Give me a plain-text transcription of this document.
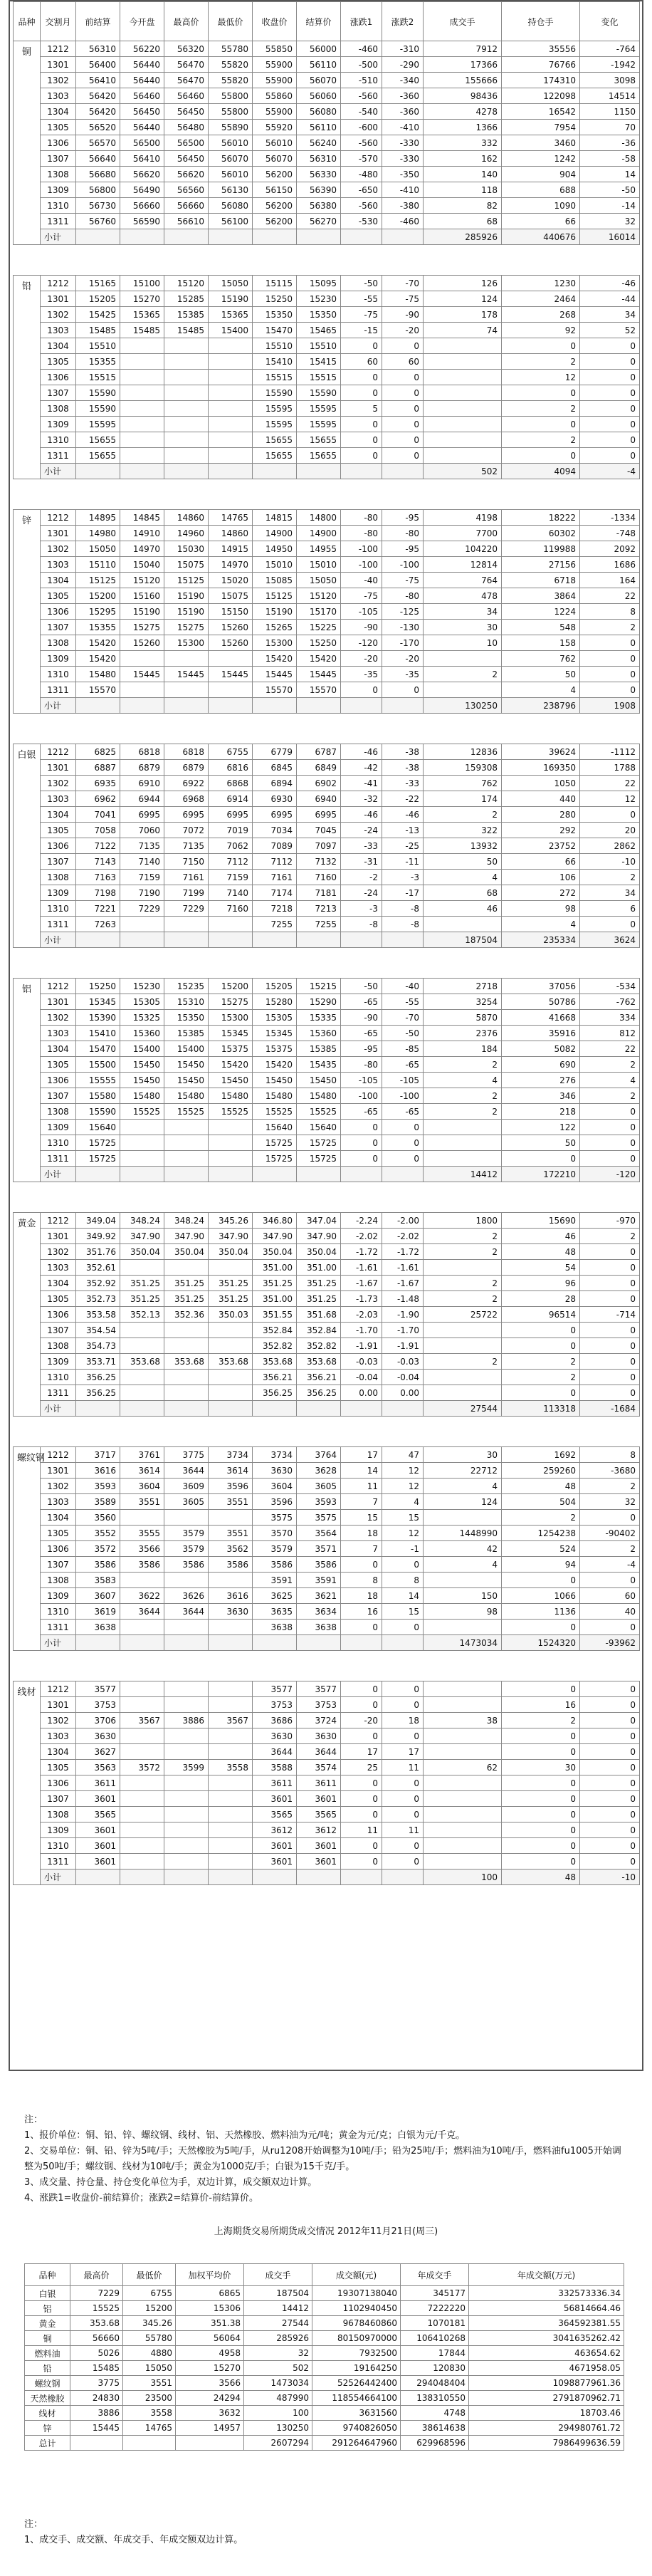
品种	交割月	前结算	今开盘	最高价	最低价	收盘价	结算价	涨跌1	涨跌2	成交手	持仓手	变化
铜	1212	56310	56220	56320	55780	55850	56000	-460	-310	7912	35556	-764
	1301	56400	56440	56470	55820	55900	56110	-500	-290	17366	76766	-1942
	1302	56410	56440	56470	55820	55900	56070	-510	-340	155666	174310	3098
	1303	56420	56460	56460	55800	55860	56060	-560	-360	98436	122098	14514
	1304	56420	56450	56450	55800	55900	56080	-540	-360	4278	16542	1150
	1305	56520	56440	56480	55890	55920	56110	-600	-410	1366	7954	70
	1306	56570	56500	56500	56010	56010	56240	-560	-330	332	3460	-36
	1307	56640	56410	56450	56070	56070	56310	-570	-330	162	1242	-58
	1308	56680	56620	56620	56010	56200	56330	-480	-350	140	904	14
	1309	56800	56490	56560	56130	56150	56390	-650	-410	118	688	-50
	1310	56730	56660	56660	56080	56200	56380	-560	-380	82	1090	-14
	1311	56760	56590	56610	56100	56200	56270	-530	-460	68	66	32
	小计									285926	440676	16014

铅	1212	15165	15100	15120	15050	15115	15095	-50	-70	126	1230	-46
	1301	15205	15270	15285	15190	15250	15230	-55	-75	124	2464	-44
	1302	15425	15365	15385	15365	15350	15350	-75	-90	178	268	34
	1303	15485	15485	15485	15400	15470	15465	-15	-20	74	92	52
	1304	15510				15510	15510	0	0		0	0
	1305	15355				15410	15415	60	60		2	0
	1306	15515				15515	15515	0	0		12	0
	1307	15590				15590	15590	0	0		0	0
	1308	15590				15595	15595	5	0		2	0
	1309	15595				15595	15595	0	0		0	0
	1310	15655				15655	15655	0	0		2	0
	1311	15655				15655	15655	0	0		0	0
	小计									502	4094	-4

锌	1212	14895	14845	14860	14765	14815	14800	-80	-95	4198	18222	-1334
	1301	14980	14910	14960	14860	14900	14900	-80	-80	7700	60302	-748
	1302	15050	14970	15030	14915	14950	14955	-100	-95	104220	119988	2092
	1303	15110	15040	15075	14970	15010	15010	-100	-100	12814	27156	1686
	1304	15125	15120	15125	15020	15085	15050	-40	-75	764	6718	164
	1305	15200	15160	15190	15075	15125	15120	-75	-80	478	3864	22
	1306	15295	15190	15190	15150	15190	15170	-105	-125	34	1224	8
	1307	15355	15275	15275	15260	15265	15225	-90	-130	30	548	2
	1308	15420	15260	15300	15260	15300	15250	-120	-170	10	158	0
	1309	15420				15420	15420	-20	-20		762	0
	1310	15480	15445	15445	15445	15445	15445	-35	-35	2	50	0
	1311	15570				15570	15570	0	0		4	0
	小计									130250	238796	1908

白银	1212	6825	6818	6818	6755	6779	6787	-46	-38	12836	39624	-1112
	1301	6887	6879	6879	6816	6845	6849	-42	-38	159308	169350	1788
	1302	6935	6910	6922	6868	6894	6902	-41	-33	762	1050	22
	1303	6962	6944	6968	6914	6930	6940	-32	-22	174	440	12
	1304	7041	6995	6995	6995	6995	6995	-46	-46	2	280	0
	1305	7058	7060	7072	7019	7034	7045	-24	-13	322	292	20
	1306	7122	7135	7135	7062	7089	7097	-33	-25	13932	23752	2862
	1307	7143	7140	7150	7112	7112	7132	-31	-11	50	66	-10
	1308	7163	7159	7161	7159	7161	7160	-2	-3	4	106	2
	1309	7198	7190	7199	7140	7174	7181	-24	-17	68	272	34
	1310	7221	7229	7229	7160	7218	7213	-3	-8	46	98	6
	1311	7263				7255	7255	-8	-8		4	0
	小计									187504	235334	3624

铝	1212	15250	15230	15235	15200	15205	15215	-50	-40	2718	37056	-534
	1301	15345	15305	15310	15275	15280	15290	-65	-55	3254	50786	-762
	1302	15390	15325	15350	15300	15305	15335	-90	-70	5870	41668	334
	1303	15410	15360	15385	15345	15345	15360	-65	-50	2376	35916	812
	1304	15470	15400	15400	15375	15375	15385	-95	-85	184	5082	22
	1305	15500	15450	15450	15420	15420	15435	-80	-65	2	690	2
	1306	15555	15450	15450	15450	15450	15450	-105	-105	4	276	4
	1307	15580	15480	15480	15480	15480	15480	-100	-100	2	346	2
	1308	15590	15525	15525	15525	15525	15525	-65	-65	2	218	0
	1309	15640				15640	15640	0	0		122	0
	1310	15725				15725	15725	0	0		50	0
	1311	15725				15725	15725	0	0		0	0
	小计									14412	172210	-120

黄金	1212	349.04	348.24	348.24	345.26	346.80	347.04	-2.24	-2.00	1800	15690	-970
	1301	349.92	347.90	347.90	347.90	347.90	347.90	-2.02	-2.02	2	46	2
	1302	351.76	350.04	350.04	350.04	350.04	350.04	-1.72	-1.72	2	48	0
	1303	352.61				351.00	351.00	-1.61	-1.61		54	0
	1304	352.92	351.25	351.25	351.25	351.25	351.25	-1.67	-1.67	2	96	0
	1305	352.73	351.25	351.25	351.25	351.00	351.25	-1.73	-1.48	2	28	0
	1306	353.58	352.13	352.36	350.03	351.55	351.68	-2.03	-1.90	25722	96514	-714
	1307	354.54				352.84	352.84	-1.70	-1.70		0	0
	1308	354.73				352.82	352.82	-1.91	-1.91		0	0
	1309	353.71	353.68	353.68	353.68	353.68	353.68	-0.03	-0.03	2	2	0
	1310	356.25				356.21	356.21	-0.04	-0.04		2	0
	1311	356.25				356.25	356.25	0.00	0.00		0	0
	小计									27544	113318	-1684

螺纹钢	1212	3717	3761	3775	3734	3734	3764	17	47	30	1692	8
	1301	3616	3614	3644	3614	3630	3628	14	12	22712	259260	-3680
	1302	3593	3604	3609	3596	3604	3605	11	12	4	48	2
	1303	3589	3551	3605	3551	3596	3593	7	4	124	504	32
	1304	3560				3575	3575	15	15		2	0
	1305	3552	3555	3579	3551	3570	3564	18	12	1448990	1254238	-90402
	1306	3572	3566	3579	3562	3579	3571	7	-1	42	524	2
	1307	3586	3586	3586	3586	3586	3586	0	0	4	94	-4
	1308	3583				3591	3591	8	8		0	0
	1309	3607	3622	3626	3616	3625	3621	18	14	150	1066	60
	1310	3619	3644	3644	3630	3635	3634	16	15	98	1136	40
	1311	3638				3638	3638	0	0		0	0
	小计									1473034	1524320	-93962

线材	1212	3577				3577	3577	0	0		0	0
	1301	3753				3753	3753	0	0		16	0
	1302	3706	3567	3886	3567	3686	3724	-20	18	38	2	0
	1303	3630				3630	3630	0	0		0	0
	1304	3627				3644	3644	17	17		0	0
	1305	3563	3572	3599	3558	3588	3574	25	11	62	30	0
	1306	3611				3611	3611	0	0		0	0
	1307	3601				3601	3601	0	0		0	0
	1308	3565				3565	3565	0	0		0	0
	1309	3601				3612	3612	11	11		0	0
	1310	3601				3601	3601	0	0		0	0
	1311	3601				3601	3601	0	0		0	0
	小计									100	48	-10

注：

1、报价单位：铜、铅、锌、螺纹钢、线材、铝、天然橡胶、燃料油为元/吨；黄金为元/克；白银为元/千克。

2、交易单位：铜、铅、锌为5吨/手；天然橡胶为5吨/手，从ru1208开始调整为10吨/手；铅为25吨/手；燃料油为10吨/手，燃料油fu1005开始调整为50吨/手；螺纹钢、线材为10吨/手；黄金为1000克/手；白银为15千克/手。

3、成交量、持仓量、持仓变化单位为手，双边计算，成交额双边计算。

4、涨跌1=收盘价-前结算价；涨跌2=结算价-前结算价。

上海期货交易所期货成交情况 2012年11月21日(周三)
品种	最高价	最低价	加权平均价	成交手	成交额(元)	年成交手	年成交额(万元)
白银	7229	6755	6865	187504	19307138040	345177	332573336.34
铝	15525	15200	15306	14412	1102940450	7222220	56814664.46
黄金	353.68	345.26	351.38	27544	9678460860	1070181	364592381.55
铜	56660	55780	56064	285926	80150970000	106410268	3041635262.42
燃料油	5026	4880	4958	32	7932500	17844	463654.62
铅	15485	15050	15270	502	19164250	120830	4671958.05
螺纹钢	3775	3551	3566	1473034	52526442400	294048404	1098877961.36
天然橡胶	24830	23500	24294	487990	118554664100	138310550	2791870962.71
线材	3886	3558	3632	100	3631560	4748	18703.46
锌	15445	14765	14957	130250	9740826050	38614638	294980761.72
总计				2607294	291264647960	629968596	7986499636.59

注：

1、成交手、成交额、年成交手、年成交额双边计算。
